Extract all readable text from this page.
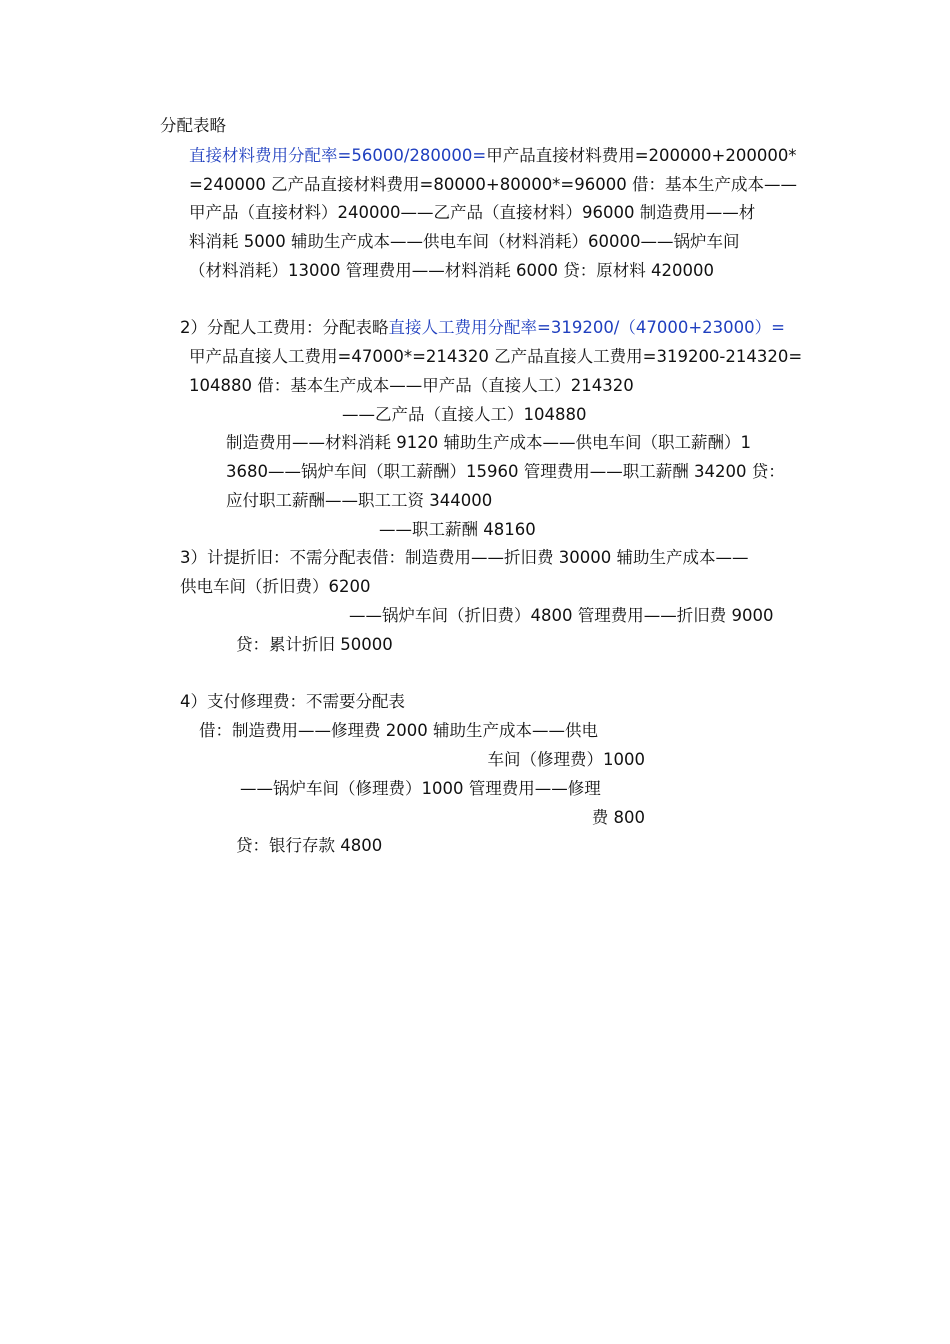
分配表略
直接材料费用分配率=56000/280000=甲产品直接材料费用=200000+200000*
=240000 乙产品直接材料费用=80000+80000*=96000 借：基本生产成本——
甲产品（直接材料）240000——乙产品（直接材料）96000 制造费用——材
料消耗 5000 辅助生产成本——供电车间（材料消耗）60000——锅炉车间
（材料消耗）13000 管理费用——材料消耗 6000 贷：原材料 420000
2）分配人工费用：分配表略直接人工费用分配率=319200/（47000+23000）=
甲产品直接人工费用=47000*=214320 乙产品直接人工费用=319200-214320=
104880 借：基本生产成本——甲产品（直接人工）214320
——乙产品（直接人工）104880
制造费用——材料消耗 9120 辅助生产成本——供电车间（职工薪酬）1
3680——锅炉车间（职工薪酬）15960 管理费用——职工薪酬 34200 贷：
应付职工薪酬——职工工资 344000
——职工薪酬 48160
3）计提折旧：不需分配表借：制造费用——折旧费 30000 辅助生产成本——
供电车间（折旧费）6200
——锅炉车间（折旧费）4800 管理费用——折旧费 9000
贷：累计折旧 50000
4）支付修理费：不需要分配表
借：制造费用——修理费 2000 辅助生产成本——供电
车间（修理费）1000
——锅炉车间（修理费）1000 管理费用——修理
费 800
贷：银行存款 4800
